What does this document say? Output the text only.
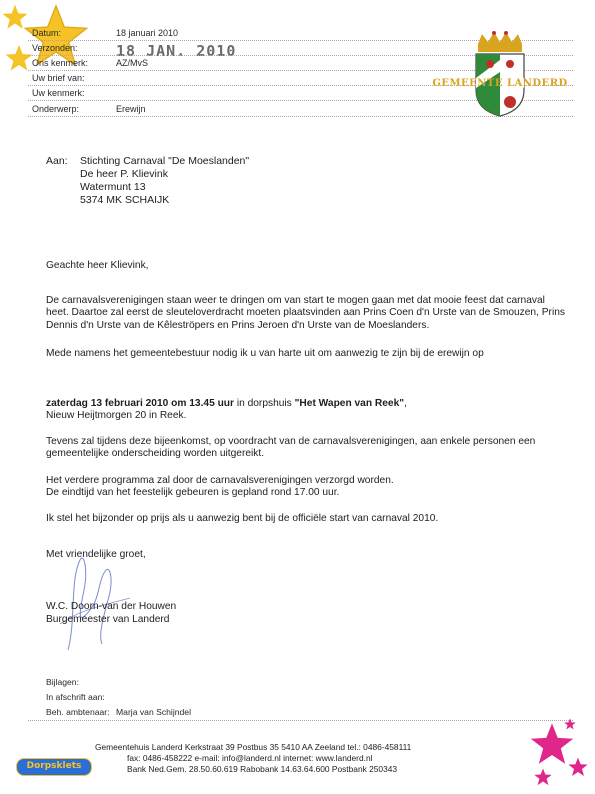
Datum:	18 januari 2010
Verzonden:	18 JAN. 2010
Ons kenmerk:	AZ/MvS
Uw brief van:
Uw kenmerk:
Onderwerp:	Erewijn
GEMEENTE LANDERD
Aan: Stichting Carnaval "De Moeslanden"
De heer P. Klievink
Watermunt 13
5374 MK SCHAIJK
Geachte heer Klievink,
De carnavalsverenigingen staan weer te dringen om van start te mogen gaan met dat mooie feest dat carnaval heet. Daartoe zal eerst de sleuteloverdracht moeten plaatsvinden aan Prins Coen d'n Urste van de Smouzen, Prins Dennis d'n Urste van de Kêleströpers en Prins Jeroen d'n Urste van de Moeslanders.
Mede namens het gemeentebestuur nodig ik u van harte uit om aanwezig te zijn bij de erewijn op
zaterdag 13 februari 2010 om 13.45 uur in dorpshuis "Het Wapen van Reek",
Nieuw Heijtmorgen 20 in Reek.
Tevens zal tijdens deze bijeenkomst, op voordracht van de carnavalsverenigingen, aan enkele personen een gemeentelijke onderscheiding worden uitgereikt.
Het verdere programma zal door de carnavalsverenigingen verzorgd worden.
De eindtijd van het feestelijk gebeuren is gepland rond 17.00 uur.
Ik stel het bijzonder op prijs als u aanwezig bent bij de officiële start van carnaval 2010.
Met vriendelijke groet,
W.C. Doorn-van der Houwen
Burgemeester van Landerd
Bijlagen:
In afschrift aan:
Beh. ambtenaar: Marja van Schijndel
Gemeentehuis Landerd Kerkstraat 39 Postbus 35 5410 AA Zeeland tel.: 0486-458111
fax: 0486-458222 e-mail: info@landerd.nl internet: www.landerd.nl
Bank Ned.Gem. 28.50.60.619 Rabobank 14.63.64.600 Postbank 250343
Dorpsklets
